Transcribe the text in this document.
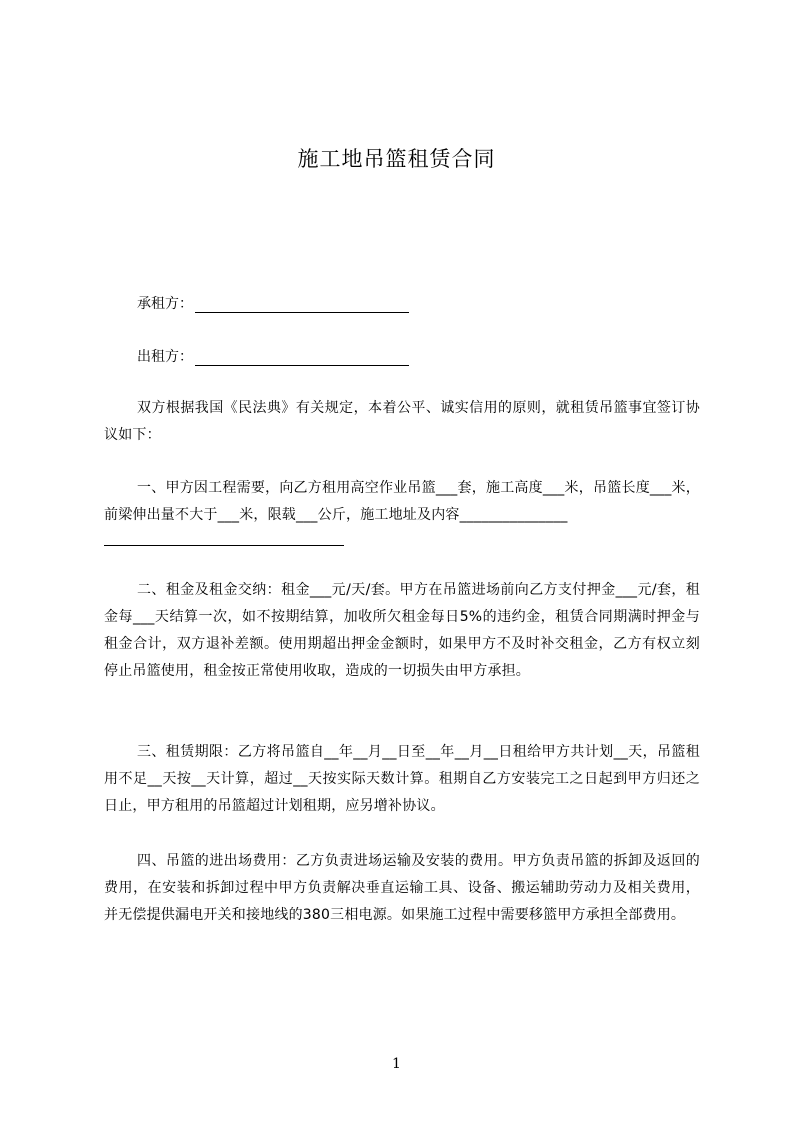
施工地吊篮租赁合同
承租方：
出租方：
双方根据我国《民法典》有关规定，本着公平、诚实信用的原则，就租赁吊篮事宜签订协议如下：
一、甲方因工程需要，向乙方租用高空作业吊篮___套，施工高度___米，吊篮长度___米，前梁伸出量不大于___米，限载___公斤，施工地址及内容_______________
二、租金及租金交纳：租金___元/天/套。甲方在吊篮进场前向乙方支付押金___元/套，租金每___天结算一次，如不按期结算，加收所欠租金每日5%的违约金，租赁合同期满时押金与租金合计，双方退补差额。使用期超出押金金额时，如果甲方不及时补交租金，乙方有权立刻停止吊篮使用，租金按正常使用收取，造成的一切损失由甲方承担。
三、租赁期限：乙方将吊篮自__年__月__日至__年__月__日租给甲方共计划__天，吊篮租用不足__天按__天计算，超过__天按实际天数计算。租期自乙方安装完工之日起到甲方归还之日止，甲方租用的吊篮超过计划租期，应另增补协议。
四、吊篮的进出场费用：乙方负责进场运输及安装的费用。甲方负责吊篮的拆卸及返回的费用，在安装和拆卸过程中甲方负责解决垂直运输工具、设备、搬运辅助劳动力及相关费用，并无偿提供漏电开关和接地线的380三相电源。如果施工过程中需要移篮甲方承担全部费用。
1
